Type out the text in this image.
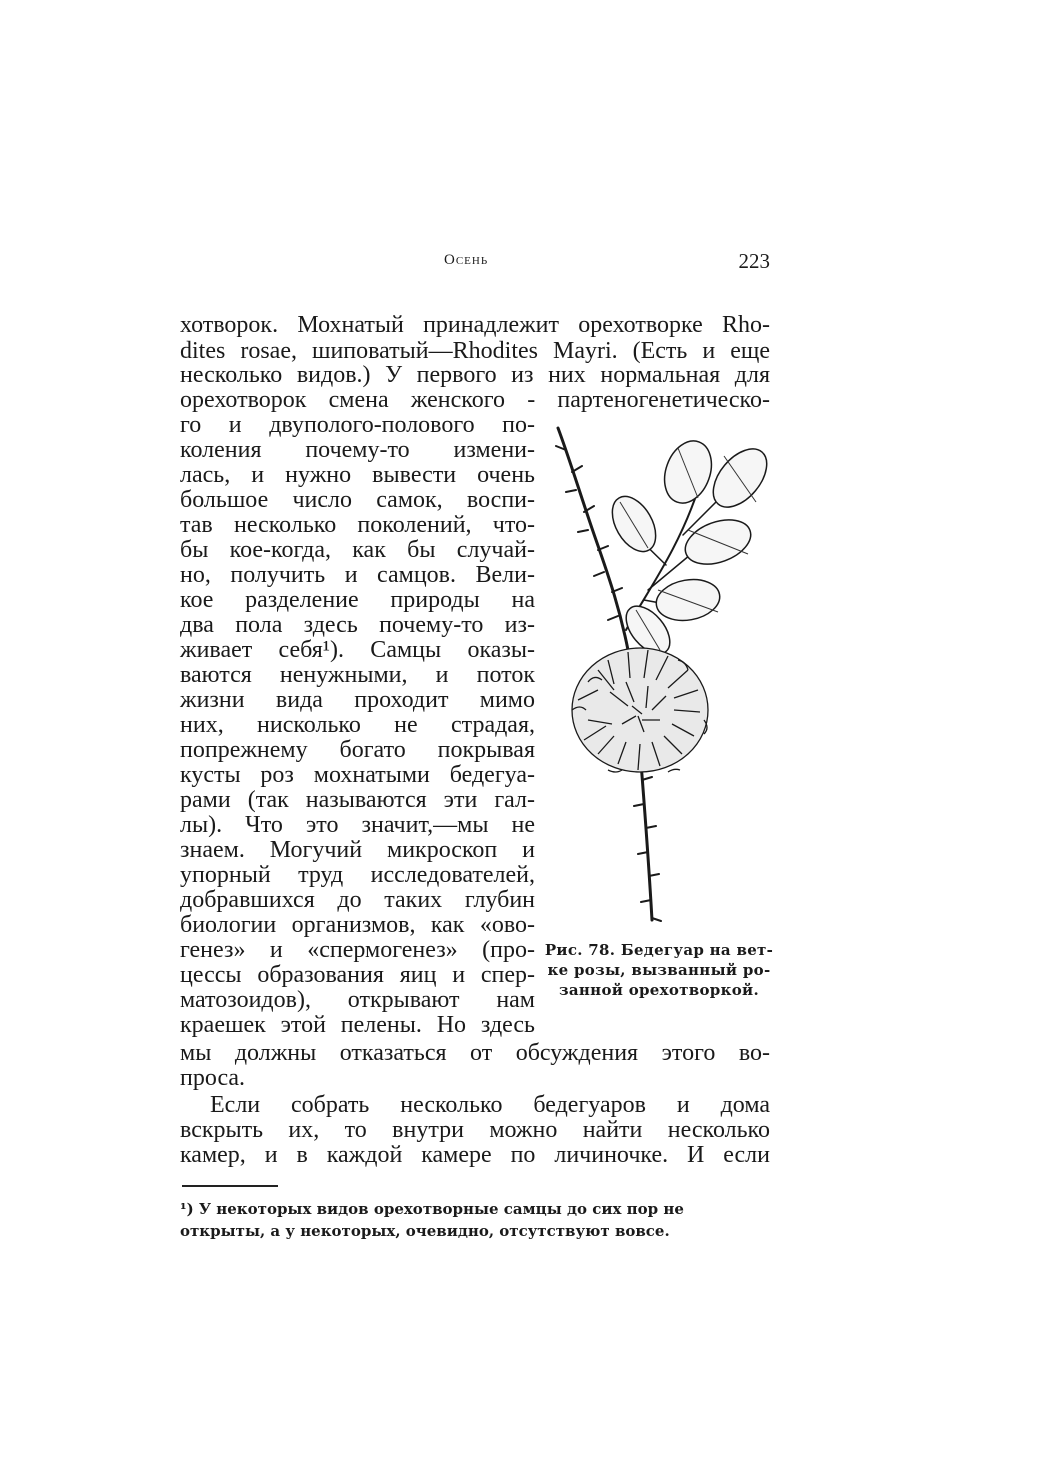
Осень	223
хотворок. Мохнатый принадлежит орехотворке Rho-
dites rosae, шиповатый—Rhodites Mayri. (Есть и еще
несколько видов.) У первого из них нормальная для
орехотворок смена женского - партеногенетическо-
го и двуполого-полового по-
коления почему-то измени-
лась, и нужно вывести очень
большое число самок, воспи-
тав несколько поколений, что-
бы кое-когда, как бы случай-
но, получить и самцов. Вели-
кое разделение природы на
два пола здесь почему-то из-
живает себя¹). Самцы оказы-
ваются ненужными, и поток
жизни вида проходит мимо
них, нисколько не страдая,
попрежнему богато покрывая
кусты роз мохнатыми бедегуа-
рами (так называются эти гал-
лы). Что это значит,—мы не
знаем. Могучий микроскоп и
упорный труд исследователей,
добравшихся до таких глубин
биологии организмов, как «ово-
генез» и «спермогенез» (про-
цессы образования яиц и спер-
матозоидов), открывают нам
краешек этой пелены. Но здесь
мы должны отказаться от обсуждения этого во-
проса.
Если собрать несколько бедегуаров и дома
вскрыть их, то внутри можно найти несколько
камер, и в каждой камере по личиночке. И если
Рис. 78. Бедегуар на вет-
ке розы, вызванный ро-
занной орехотворкой.
¹) У некоторых видов орехотворные самцы до сих пор не
открыты, а у некоторых, очевидно, отсутствуют вовсе.
